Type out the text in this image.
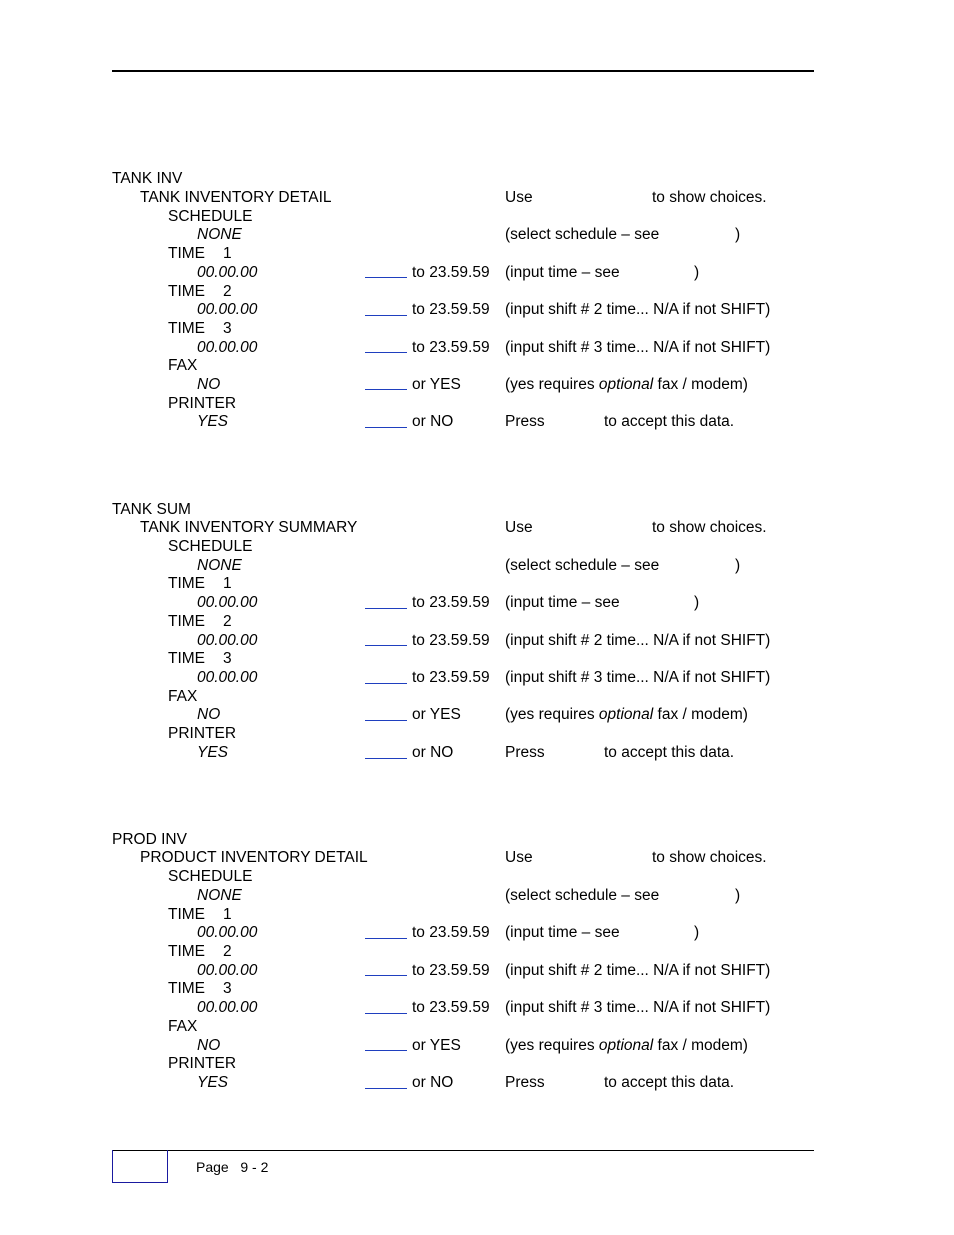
TANK INV
TANK INVENTORY DETAIL	Use	to show choices.
SCHEDULE
NONE	(select schedule – see	)
TIME 1
00.00.00	to 23.59.59 (input time – see	)
TIME 2
00.00.00	to 23.59.59 (input shift # 2 time... N/A if not SHIFT)
TIME 3
00.00.00	to 23.59.59 (input shift # 3 time... N/A if not SHIFT)
FAX
NO	or YES	(yes requires optional fax / modem)
PRINTER
YES	or NO	Press	to accept this data.
TANK SUM
TANK INVENTORY SUMMARY	Use	to show choices.
SCHEDULE
NONE	(select schedule – see	)
TIME 1
00.00.00	to 23.59.59 (input time – see	)
TIME 2
00.00.00	to 23.59.59 (input shift # 2 time... N/A if not SHIFT)
TIME 3
00.00.00	to 23.59.59 (input shift # 3 time... N/A if not SHIFT)
FAX
NO	or YES	(yes requires optional fax / modem)
PRINTER
YES	or NO	Press	to accept this data.
PROD INV
PRODUCT INVENTORY DETAIL	Use	to show choices.
SCHEDULE
NONE	(select schedule – see	)
TIME 1
00.00.00	to 23.59.59 (input time – see	)
TIME 2
00.00.00	to 23.59.59 (input shift # 2 time... N/A if not SHIFT)
TIME 3
00.00.00	to 23.59.59 (input shift # 3 time... N/A if not SHIFT)
FAX
NO	or YES	(yes requires optional fax / modem)
PRINTER
YES	or NO	Press	to accept this data.
Page 9 - 2
